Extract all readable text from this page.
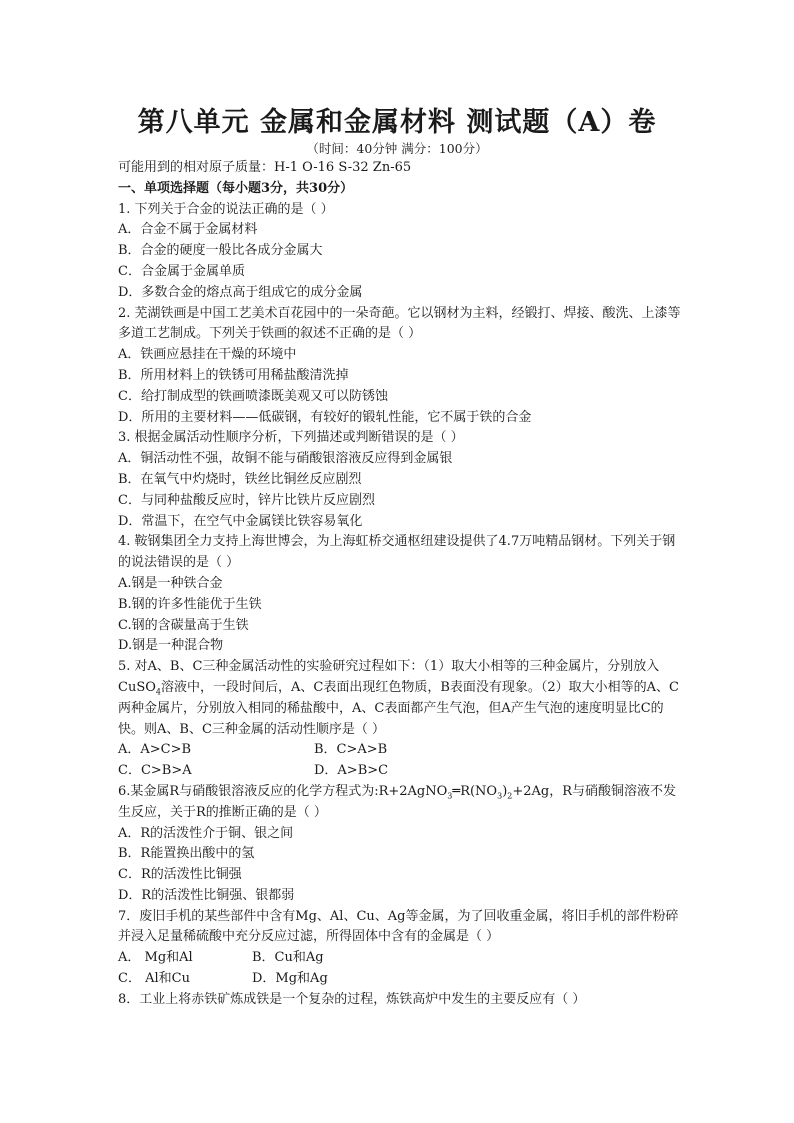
第八单元 金属和金属材料 测试题（A）卷
（时间：40分钟 满分：100分）
可能用到的相对原子质量：H-1 O-16 S-32 Zn-65
一、单项选择题（每小题3分，共30分）
1. 下列关于合金的说法正确的是（ ）
A．合金不属于金属材料
B．合金的硬度一般比各成分金属大
C．合金属于金属单质
D．多数合金的熔点高于组成它的成分金属
2. 芜湖铁画是中国工艺美术百花园中的一朵奇葩。它以钢材为主料，经锻打、焊接、酸洗、上漆等多道工艺制成。下列关于铁画的叙述不正确的是（ ）
A．铁画应悬挂在干燥的环境中
B．所用材料上的铁锈可用稀盐酸清洗掉
C．给打制成型的铁画喷漆既美观又可以防锈蚀
D．所用的主要材料——低碳钢，有较好的锻轧性能，它不属于铁的合金
3. 根据金属活动性顺序分析，下列描述或判断错误的是（ ）
A．铜活动性不强，故铜不能与硝酸银溶液反应得到金属银
B．在氧气中灼烧时，铁丝比铜丝反应剧烈
C．与同种盐酸反应时，锌片比铁片反应剧烈
D．常温下，在空气中金属镁比铁容易氧化
4. 鞍钢集团全力支持上海世博会，为上海虹桥交通枢纽建设提供了4.7万吨精品钢材。下列关于钢的说法错误的是（ ）
A.钢是一种铁合金
B.钢的许多性能优于生铁
C.钢的含碳量高于生铁
D.钢是一种混合物
5. 对A、B、C三种金属活动性的实验研究过程如下：（1）取大小相等的三种金属片，分别放入CuSO$_4$溶液中，一段时间后，A、C表面出现红色物质，B表面没有现象。（2）取大小相等的A、C两种金属片，分别放入相同的稀盐酸中，A、C表面都产生气泡，但A产生气泡的速度明显比C的快。则A、B、C三种金属的活动性顺序是（ ）
A．A>C>B	B．C>A>B
C．C>B>A	D．A>B>C
6.某金属R与硝酸银溶液反应的化学方程式为$:R+2AgNO_3═R(NO_3)_2+2Ag$，R与硝酸铜溶液不发生反应，关于R的推断正确的是（ ）
A．R的活泼性介于铜、银之间
B．R能置换出酸中的氢
C．R的活泼性比铜强
D．R的活泼性比铜强、银都弱
7．废旧手机的某些部件中含有Mg、Al、Cu、Ag等金属，为了回收重金属，将旧手机的部件粉碎并浸入足量稀硫酸中充分反应过滤，所得固体中含有的金属是（ ）
A． Mg和Al	B．Cu和Ag
C． Al和Cu	D．Mg和Ag
8．工业上将赤铁矿炼成铁是一个复杂的过程，炼铁高炉中发生的主要反应有（ ）
